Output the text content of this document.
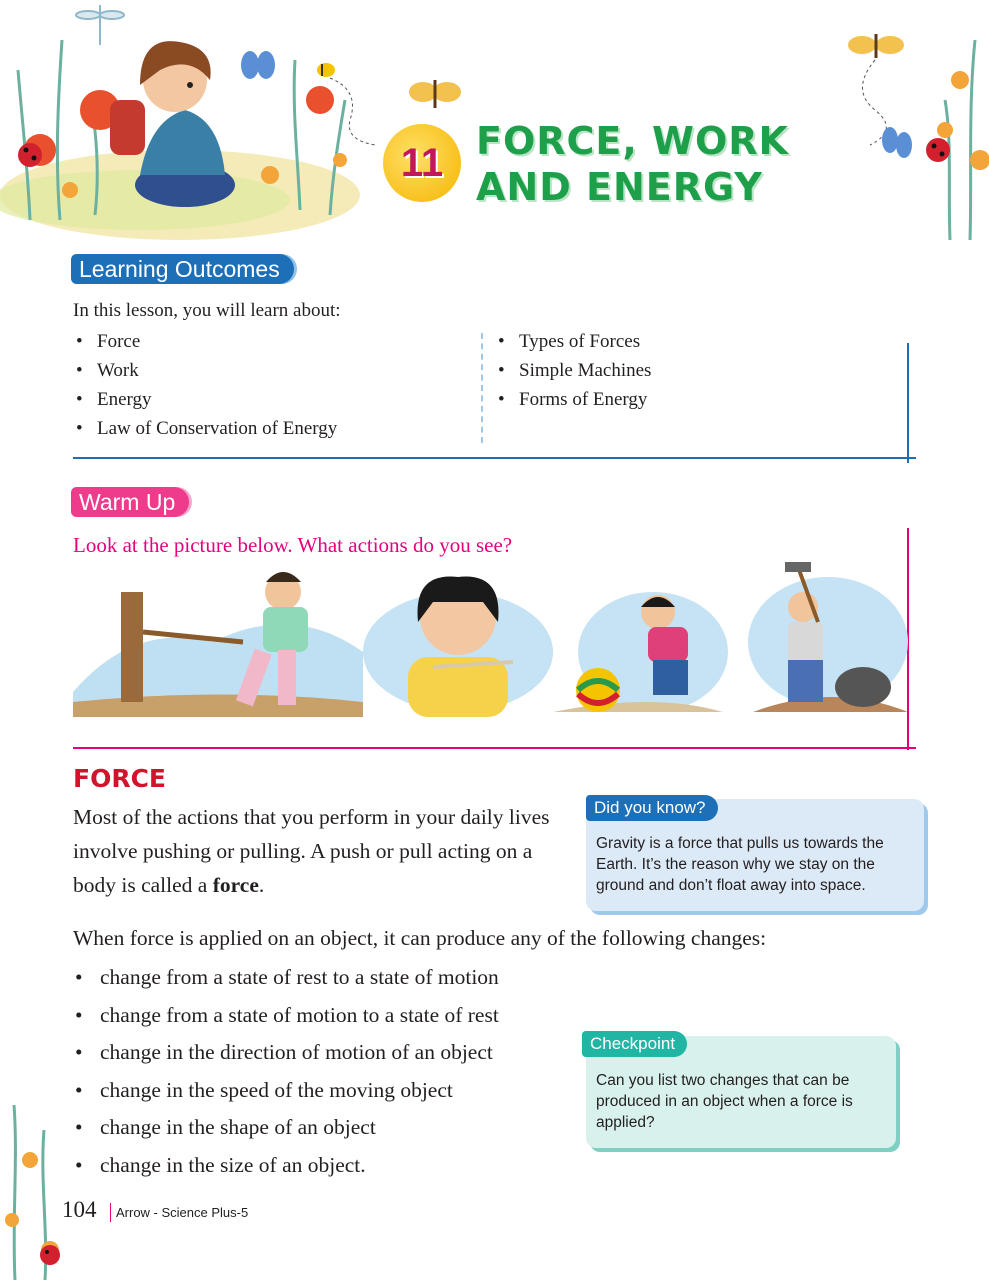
11 FORCE, WORK
AND ENERGY
Learning Outcomes
In this lesson, you will learn about:
• Force
• Work
• Energy
• Law of Conservation of Energy
• Types of Forces
• Simple Machines
• Forms of Energy
Warm Up
Look at the picture below. What actions do you see?
FORCE
Most of the actions that you perform in your daily lives involve pushing or pulling. A push or pull acting on a body is called a force.
Did you know?
Gravity is a force that pulls us towards the Earth. It’s the reason why we stay on the ground and don’t float away into space.
When force is applied on an object, it can produce any of the following changes:
• change from a state of rest to a state of motion
• change from a state of motion to a state of rest
• change in the direction of motion of an object
• change in the speed of the moving object
• change in the shape of an object
• change in the size of an object.
Checkpoint
Can you list two changes that can be produced in an object when a force is applied?
104 Arrow - Science Plus-5
